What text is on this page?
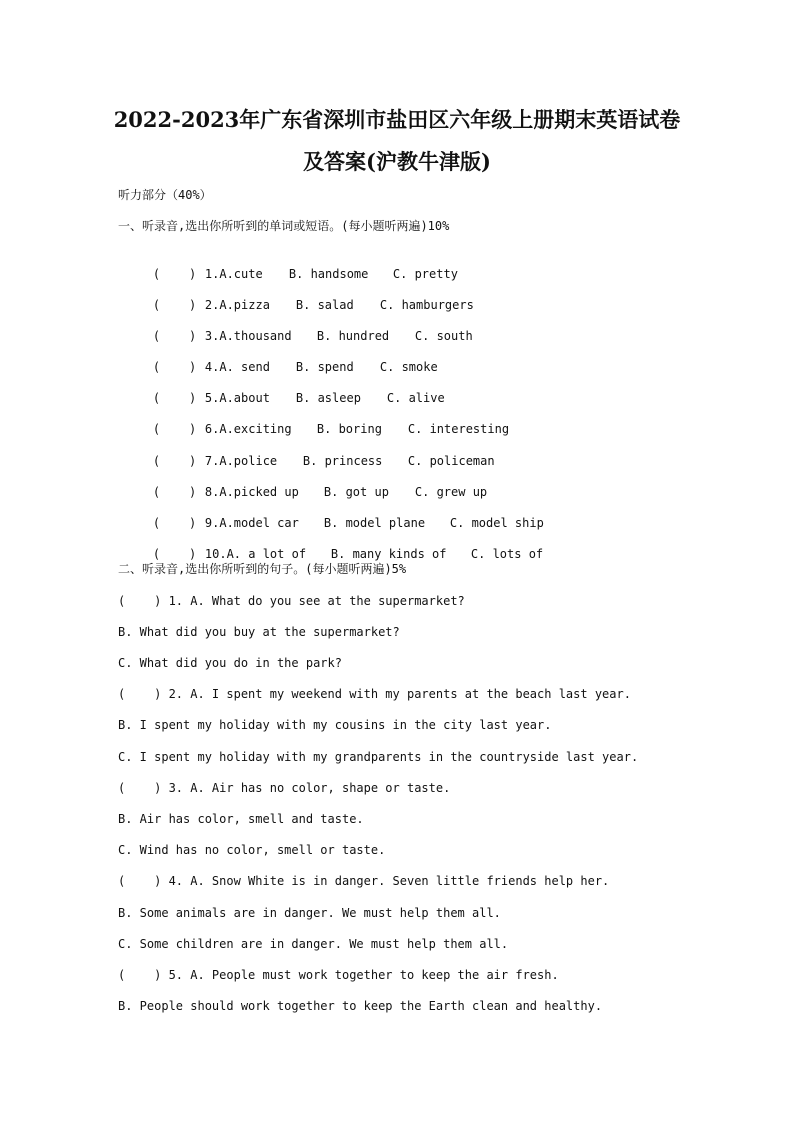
2022-2023年广东省深圳市盐田区六年级上册期末英语试卷
及答案(沪教牛津版)
听力部分（40%）
一、听录音,选出你所听到的单词或短语。(每小题听两遍)10%

(    ) 1.A.cute B. handsome C. pretty

(    ) 2.A.pizza B. salad C. hamburgers

(    ) 3.A.thousand B. hundred C. south

(    ) 4.A. send B. spend C. smoke

(    ) 5.A.about B. asleep C. alive

(    ) 6.A.exciting B. boring C. interesting

(    ) 7.A.police B. princess C. policeman

(    ) 8.A.picked up B. got up C. grew up

(    ) 9.A.model car B. model plane C. model ship

(    ) 10.A. a lot of B. many kinds of C. lots of

二、听录音,选出你所听到的句子。(每小题听两遍)5%
(    ) 1. A. What do you see at the supermarket?
B. What did you buy at the supermarket?
C. What did you do in the park?
(    ) 2. A. I spent my weekend with my parents at the beach last year.
B. I spent my holiday with my cousins in the city last year.
C. I spent my holiday with my grandparents in the countryside last year.
(    ) 3. A. Air has no color, shape or taste.
B. Air has color, smell and taste.
C. Wind has no color, smell or taste.
(    ) 4. A. Snow White is in danger. Seven little friends help her.
B. Some animals are in danger. We must help them all.
C. Some children are in danger. We must help them all.
(    ) 5. A. People must work together to keep the air fresh.
B. People should work together to keep the Earth clean and healthy.
